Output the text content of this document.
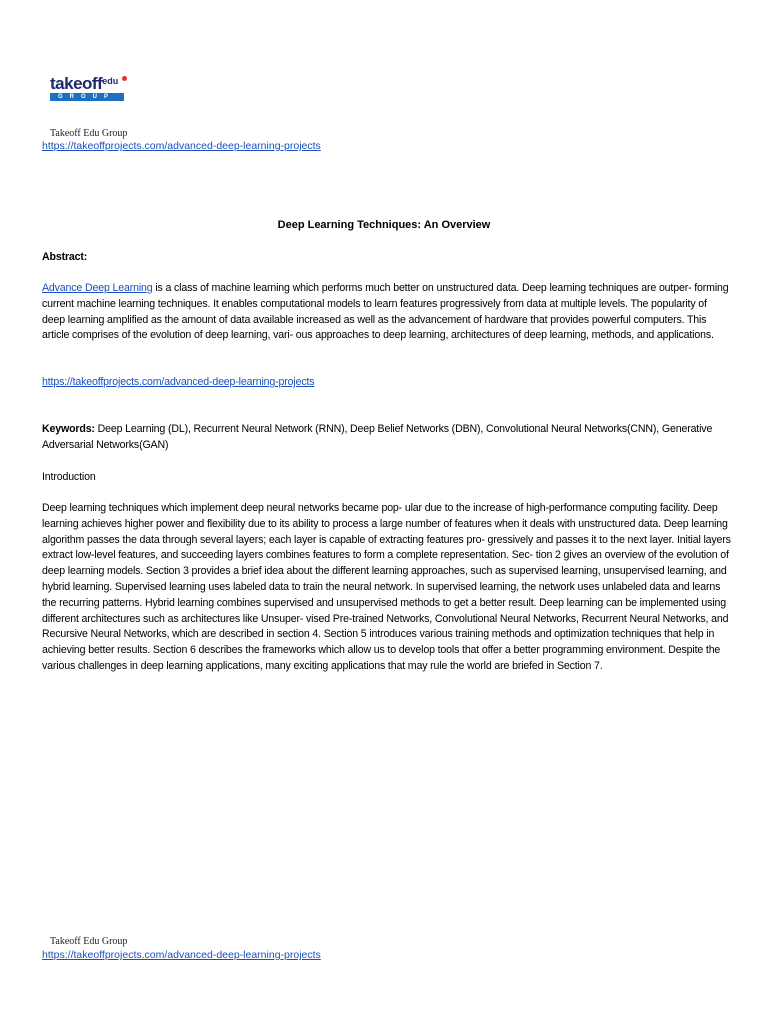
takeoff$^{edu}$
GROUP
Takeoff Edu Group
https://takeoffprojects.com/advanced-deep-learning-projects
Deep Learning Techniques: An Overview
Abstract:

Advance Deep Learning is a class of machine learning which performs much better on unstructured data. Deep learning techniques are outper- forming current machine learning techniques. It enables computational models to learn features progressively from data at multiple levels. The popularity of deep learning amplified as the amount of data available increased as well as the advancement of hardware that provides powerful computers. This article comprises of the evolution of deep learning, vari- ous approaches to deep learning, architectures of deep learning, methods, and applications.

https://takeoffprojects.com/advanced-deep-learning-projects

Keywords: Deep Learning (DL), Recurrent Neural Network (RNN), Deep Belief Networks (DBN), Convolutional Neural Networks(CNN), Generative Adversarial Networks(GAN)

Introduction

Deep learning techniques which implement deep neural networks became pop- ular due to the increase of high-performance computing facility. Deep learning achieves higher power and flexibility due to its ability to process a large number of features when it deals with unstructured data. Deep learning algorithm passes the data through several layers; each layer is capable of extracting features pro- gressively and passes it to the next layer. Initial layers extract low-level features, and succeeding layers combines features to form a complete representation. Sec- tion 2 gives an overview of the evolution of deep learning models. Section 3 provides a brief idea about the different learning approaches, such as supervised learning, unsupervised learning, and hybrid learning. Supervised learning uses labeled data to train the neural network. In supervised learning, the network uses unlabeled data and learns the recurring patterns. Hybrid learning combines supervised and unsupervised methods to get a better result. Deep learning can be implemented using different architectures such as architectures like Unsuper- vised Pre-trained Networks, Convolutional Neural Networks, Recurrent Neural Networks, and Recursive Neural Networks, which are described in section 4. Section 5 introduces various training methods and optimization techniques that help in achieving better results. Section 6 describes the frameworks which allow us to develop tools that offer a better programming environment. Despite the various challenges in deep learning applications, many exciting applications that may rule the world are briefed in Section 7.

Takeoff Edu Group
https://takeoffprojects.com/advanced-deep-learning-projects
